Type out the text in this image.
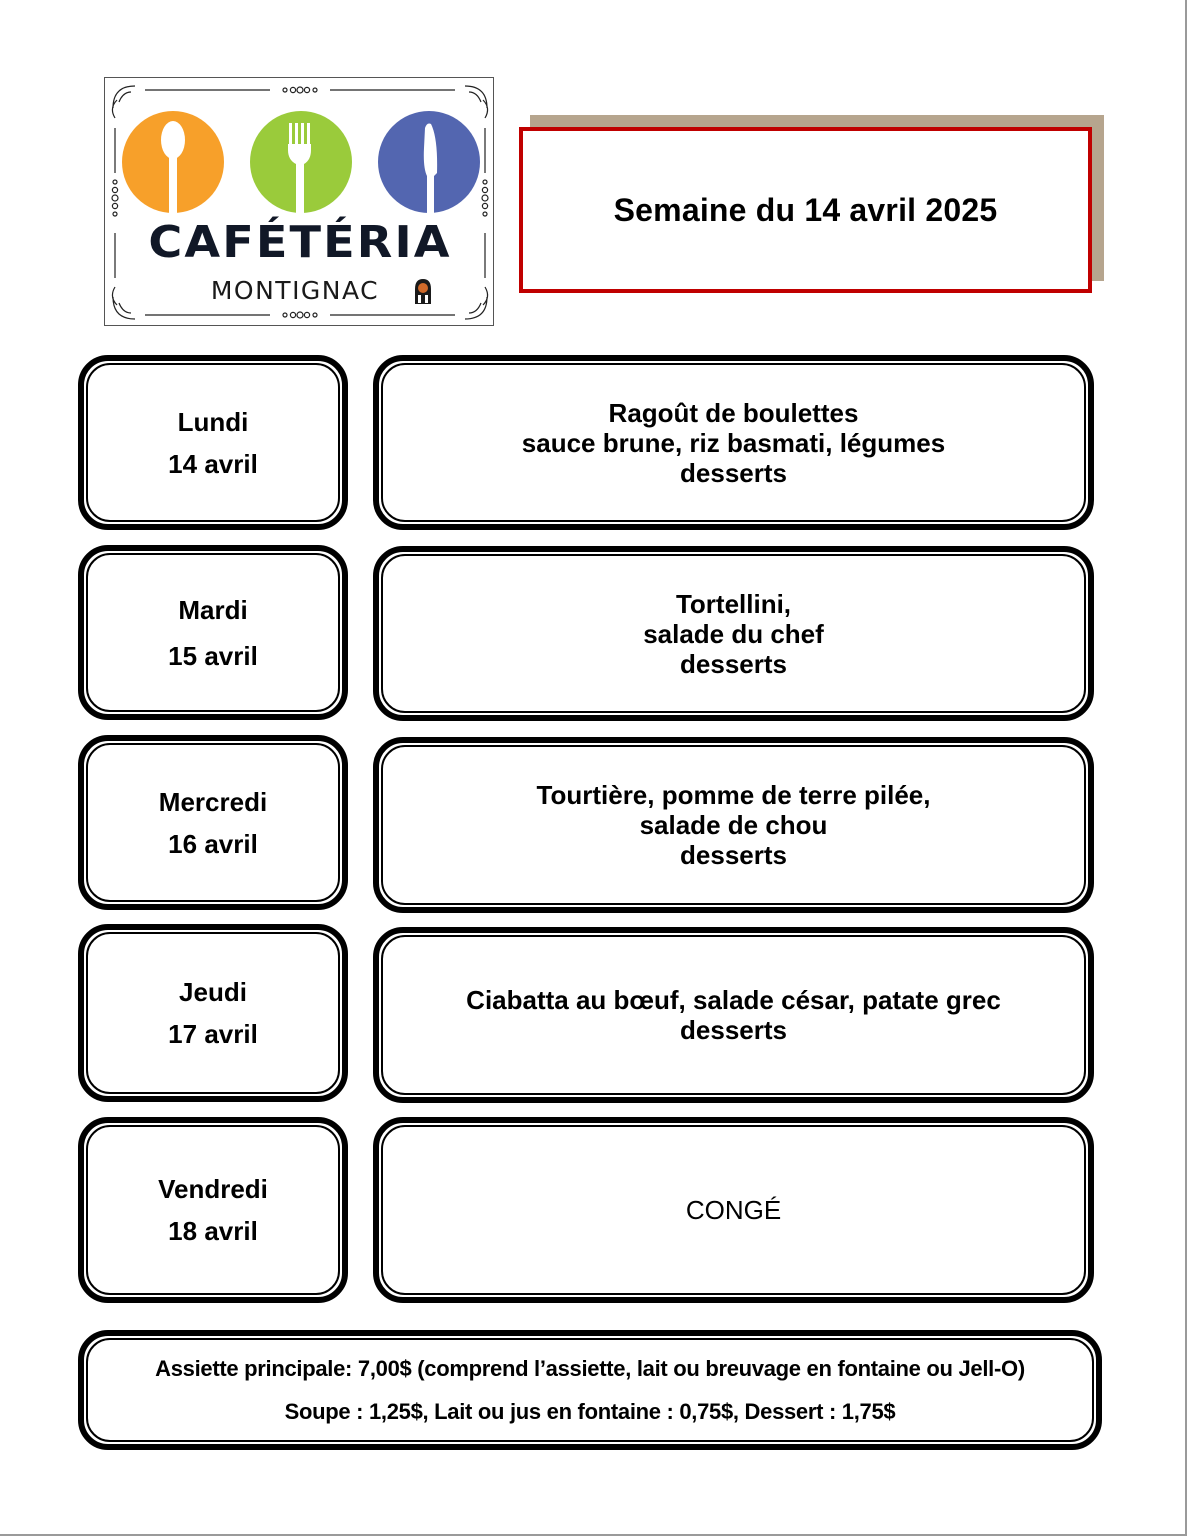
CAFÉTÉRIA
MONTIGNAC
Semaine du 14 avril 2025
Lundi
14 avril
Ragoût de boulettes
sauce brune, riz basmati, légumes
desserts
Mardi
15 avril
Tortellini,
salade du chef
desserts
Mercredi
16 avril
Tourtière, pomme de terre pilée,
salade de chou
desserts
Jeudi
17 avril
Ciabatta au bœuf, salade césar, patate grec
desserts
Vendredi
18 avril
CONGÉ
Assiette principale: 7,00$ (comprend l’assiette, lait ou breuvage en fontaine ou Jell-O)
Soupe : 1,25$, Lait ou jus en fontaine : 0,75$, Dessert : 1,75$
